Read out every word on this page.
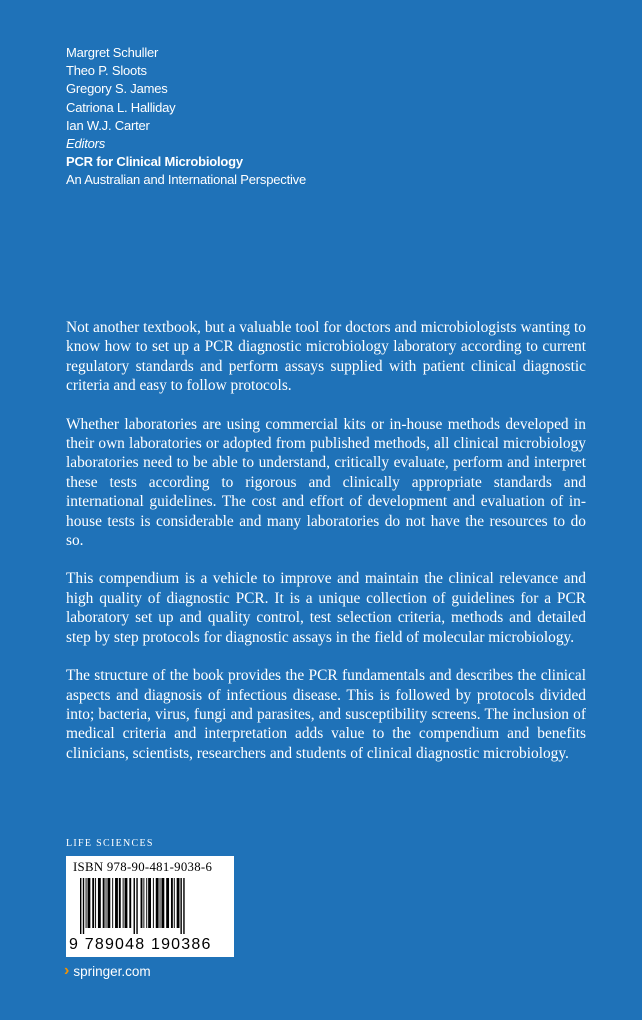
Margret Schuller
Theo P. Sloots
Gregory S. James
Catriona L. Halliday
Ian W.J. Carter
Editors
PCR for Clinical Microbiology
An Australian and International Perspective

Not another textbook, but a valuable tool for doctors and microbiologists wanting to know how to set up a PCR diagnostic microbiology laboratory according to current regulatory standards and perform assays supplied with patient clinical diagnostic criteria and easy to follow protocols.

Whether laboratories are using commercial kits or in-house methods developed in their own laboratories or adopted from published methods, all clinical microbiology laboratories need to be able to understand, critically evaluate, perform and interpret these tests according to rigorous and clinically appropriate standards and international guidelines. The cost and effort of development and evaluation of in-house tests is considerable and many laboratories do not have the resources to do so.

This compendium is a vehicle to improve and maintain the clinical relevance and high quality of diagnostic PCR. It is a unique collection of guidelines for a PCR laboratory set up and quality control, test selection criteria, methods and detailed step by step protocols for diagnostic assays in the field of molecular microbiology.

The structure of the book provides the PCR fundamentals and describes the clinical aspects and diagnosis of infectious disease. This is followed by protocols divided into; bacteria, virus, fungi and parasites, and susceptibility screens. The inclusion of medical criteria and interpretation adds value to the compendium and benefits clinicians, scientists, researchers and students of clinical diagnostic microbiology.

LIFE SCIENCES
ISBN 978-90-481-9038-6
9 789048 190386
› springer.com
